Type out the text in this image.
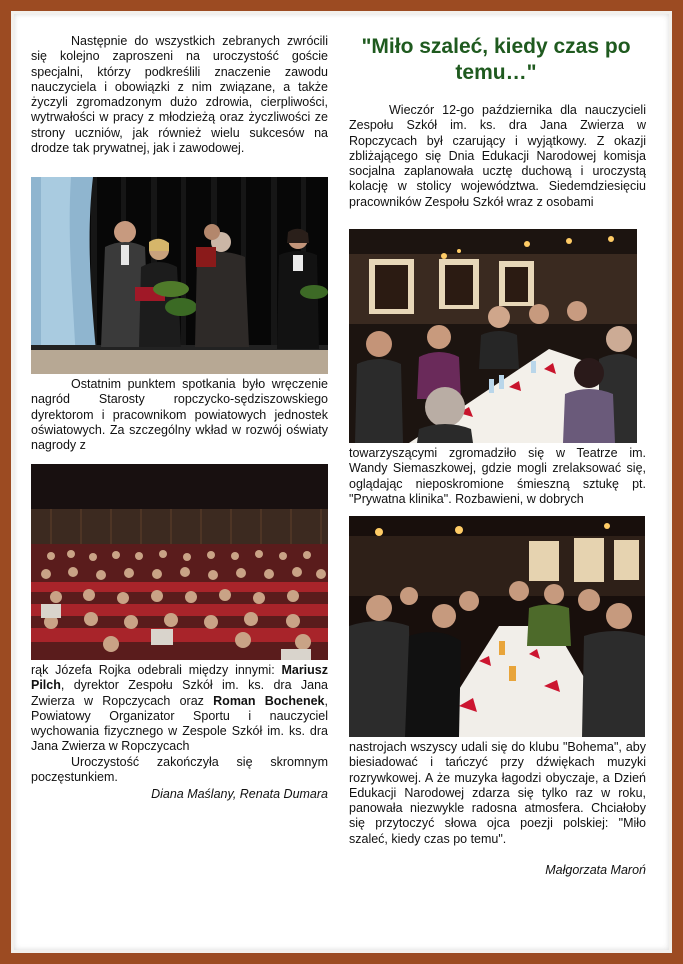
Następnie do wszystkich zebranych zwrócili się kolejno zaproszeni na uroczystość goście specjalni, którzy podkreślili znaczenie zawodu nauczyciela i obowiązki z nim związane, a także życzyli zgromadzonym dużo zdrowia, cierpliwości, wytrwałości w pracy z młodzieżą oraz życzliwości ze strony uczniów, jak również wielu sukcesów na drodze tak prywatnej, jak i zawodowej.

Ostatnim punktem spotkania było wręczenie nagród Starosty ropczycko-sędziszowskiego dyrektorom i pracownikom powiatowych jednostek oświatowych. Za szczególny wkład w rozwój oświaty nagrody z

rąk Józefa Rojka odebrali między innymi: Mariusz Pilch, dyrektor Zespołu Szkół im. ks. dra Jana Zwierza w Ropczycach oraz Roman Bochenek, Powiatowy Organizator Sportu i nauczyciel wychowania fizycznego w Zespole Szkół im. ks. dra Jana Zwierza w Ropczycach

Uroczystość zakończyła się skromnym poczęstunkiem.

Diana Maślany, Renata Dumara
"Miło szaleć, kiedy czas po temu…"

Wieczór 12-go października dla nauczycieli Zespołu Szkół im. ks. dra Jana Zwierza w Ropczycach był czarujący i wyjątkowy. Z okazji zbliżającego się Dnia Edukacji Narodowej komisja socjalna zaplanowała ucztę duchową i uroczystą kolację w stolicy województwa. Siedemdziesięciu pracowników Zespołu Szkół wraz z osobami

towarzyszącymi zgromadziło się w Teatrze im. Wandy Siemaszkowej, gdzie mogli zrelaksować się, oglądając nieposkromione śmieszną sztukę pt. "Prywatna klinika". Rozbawieni, w dobrych
nastrojach wszyscy udali się do klubu "Bohema", aby biesiadować i tańczyć przy dźwiękach muzyki rozrywkowej. A że muzyka łagodzi obyczaje, a Dzień Edukacji Narodowej zdarza się tylko raz w roku, panowała niezwykle radosna atmosfera. Chciałoby się przytoczyć słowa ojca poezji polskiej: "Miło szaleć, kiedy czas po temu".
Małgorzata Maroń
